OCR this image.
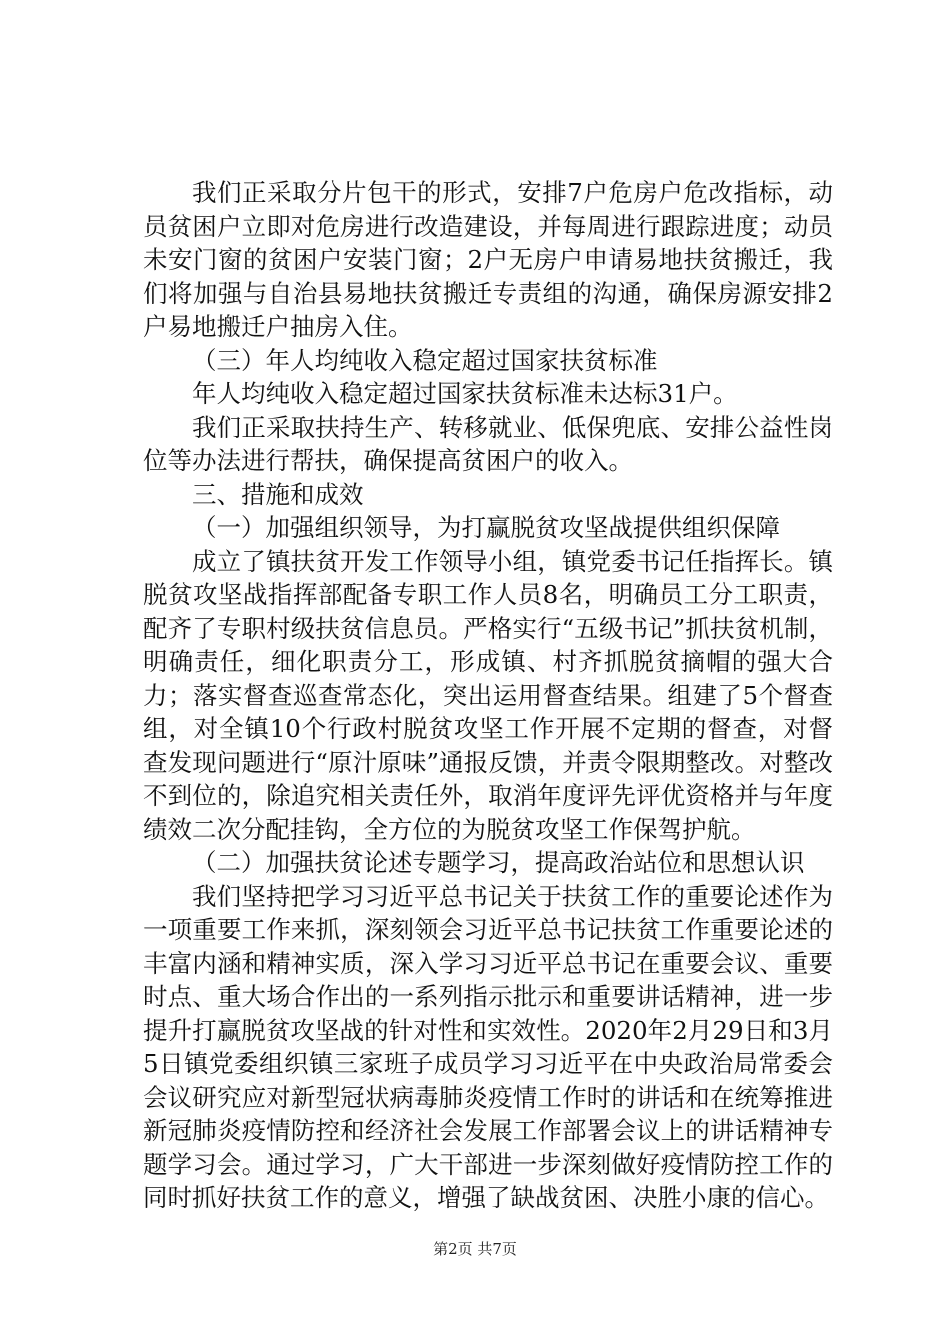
我们正采取分片包干的形式，安排7户危房户危改指标，动员贫困户立即对危房进行改造建设，并每周进行跟踪进度；动员未安门窗的贫困户安装门窗；2户无房户申请易地扶贫搬迁，我们将加强与自治县易地扶贫搬迁专责组的沟通，确保房源安排2户易地搬迁户抽房入住。

（三）年人均纯收入稳定超过国家扶贫标准

年人均纯收入稳定超过国家扶贫标准未达标31户。

我们正采取扶持生产、转移就业、低保兜底、安排公益性岗位等办法进行帮扶，确保提高贫困户的收入。

三、措施和成效

（一）加强组织领导，为打赢脱贫攻坚战提供组织保障

成立了镇扶贫开发工作领导小组，镇党委书记任指挥长。镇脱贫攻坚战指挥部配备专职工作人员8名，明确员工分工职责，配齐了专职村级扶贫信息员。严格实行“五级书记”抓扶贫机制，明确责任，细化职责分工，形成镇、村齐抓脱贫摘帽的强大合力；落实督查巡查常态化，突出运用督查结果。组建了5个督查组，对全镇10个行政村脱贫攻坚工作开展不定期的督查，对督查发现问题进行“原汁原味”通报反馈，并责令限期整改。对整改不到位的，除追究相关责任外，取消年度评先评优资格并与年度绩效二次分配挂钩，全方位的为脱贫攻坚工作保驾护航。

（二）加强扶贫论述专题学习，提高政治站位和思想认识

我们坚持把学习习近平总书记关于扶贫工作的重要论述作为一项重要工作来抓，深刻领会习近平总书记扶贫工作重要论述的丰富内涵和精神实质，深入学习习近平总书记在重要会议、重要时点、重大场合作出的一系列指示批示和重要讲话精神，进一步提升打赢脱贫攻坚战的针对性和实效性。2020年2月29日和3月5日镇党委组织镇三家班子成员学习习近平在中央政治局常委会会议研究应对新型冠状病毒肺炎疫情工作时的讲话和在统筹推进新冠肺炎疫情防控和经济社会发展工作部署会议上的讲话精神专题学习会。通过学习，广大干部进一步深刻做好疫情防控工作的同时抓好扶贫工作的意义，增强了缺战贫困、决胜小康的信心。

第2页 共7页
